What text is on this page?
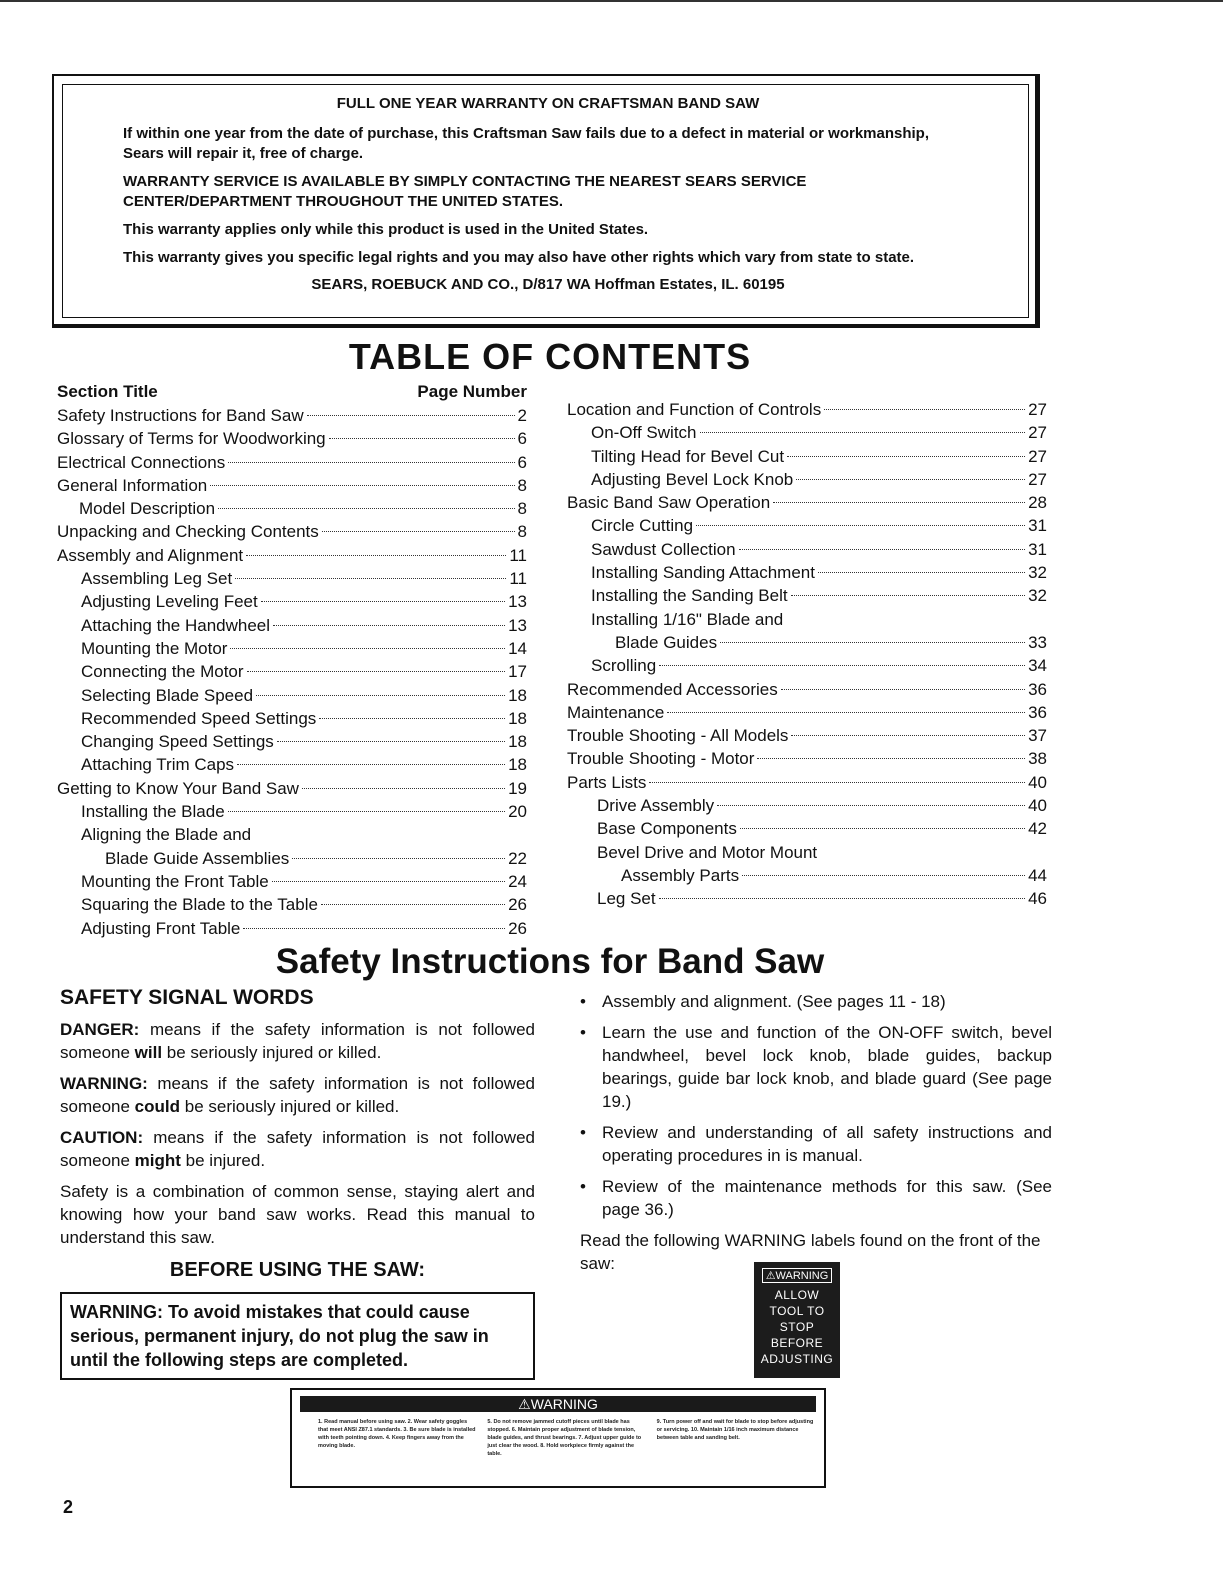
FULL ONE YEAR WARRANTY ON CRAFTSMAN BAND SAW

If within one year from the date of purchase, this Craftsman Saw fails due to a defect in material or workmanship, Sears will repair it, free of charge.

WARRANTY SERVICE IS AVAILABLE BY SIMPLY CONTACTING THE NEAREST SEARS SERVICE CENTER/DEPARTMENT THROUGHOUT THE UNITED STATES.

This warranty applies only while this product is used in the United States.

This warranty gives you specific legal rights and you may also have other rights which vary from state to state.

SEARS, ROEBUCK AND CO., D/817 WA Hoffman Estates, IL. 60195
TABLE OF CONTENTS
Section Title	Page Number
Safety Instructions for Band Saw	2
Glossary of Terms for Woodworking	6
Electrical Connections	6
General Information	8
Model Description	8
Unpacking and Checking Contents	8
Assembly and Alignment	11
Assembling Leg Set	11
Adjusting Leveling Feet	13
Attaching the Handwheel	13
Mounting the Motor	14
Connecting the Motor	17
Selecting Blade Speed	18
Recommended Speed Settings	18
Changing Speed Settings	18
Attaching Trim Caps	18
Getting to Know Your Band Saw	19
Installing the Blade	20
Aligning the Blade and
Blade Guide Assemblies	22
Mounting the Front Table	24
Squaring the Blade to the Table	26
Adjusting Front Table	26
Location and Function of Controls	27
On-Off Switch	27
Tilting Head for Bevel Cut	27
Adjusting Bevel Lock Knob	27
Basic Band Saw Operation	28
Circle Cutting	31
Sawdust Collection	31
Installing Sanding Attachment	32
Installing the Sanding Belt	32
Installing 1/16" Blade and
Blade Guides	33
Scrolling	34
Recommended Accessories	36
Maintenance	36
Trouble Shooting - All Models	37
Trouble Shooting - Motor	38
Parts Lists	40
Drive Assembly	40
Base Components	42
Bevel Drive and Motor Mount
Assembly Parts	44
Leg Set	46
Safety Instructions for Band Saw
SAFETY SIGNAL WORDS

DANGER: means if the safety information is not followed someone will be seriously injured or killed.

WARNING: means if the safety information is not followed someone could be seriously injured or killed.

CAUTION: means if the safety information is not followed someone might be injured.

Safety is a combination of common sense, staying alert and knowing how your band saw works. Read this manual to understand this saw.

BEFORE USING THE SAW:
WARNING: To avoid mistakes that could cause serious, permanent injury, do not plug the saw in until the following steps are completed.
• Assembly and alignment. (See pages 11 - 18)
• Learn the use and function of the ON-OFF switch, bevel handwheel, bevel lock knob, blade guides, backup bearings, guide bar lock knob, and blade guard (See page 19.)
• Review and understanding of all safety instructions and operating procedures in is manual.
• Review of the maintenance methods for this saw. (See page 36.)

Read the following WARNING labels found on the front of the saw:

⚠WARNING
ALLOW
TOOL TO
STOP
BEFORE
ADJUSTING
⚠WARNING
1. Read manual before using saw. 2. Wear safety goggles that meet ANSI Z87.1 standards. 3. Be sure blade is installed with teeth pointing down. 4. Keep fingers away from the moving blade.
5. Do not remove jammed cutoff pieces until blade has stopped. 6. Maintain proper adjustment of blade tension, blade guides, and thrust bearings. 7. Adjust upper guide to just clear the wood. 8. Hold workpiece firmly against the table.
9. Turn power off and wait for blade to stop before adjusting or servicing. 10. Maintain 1/16 inch maximum distance between table and sanding belt.
2
